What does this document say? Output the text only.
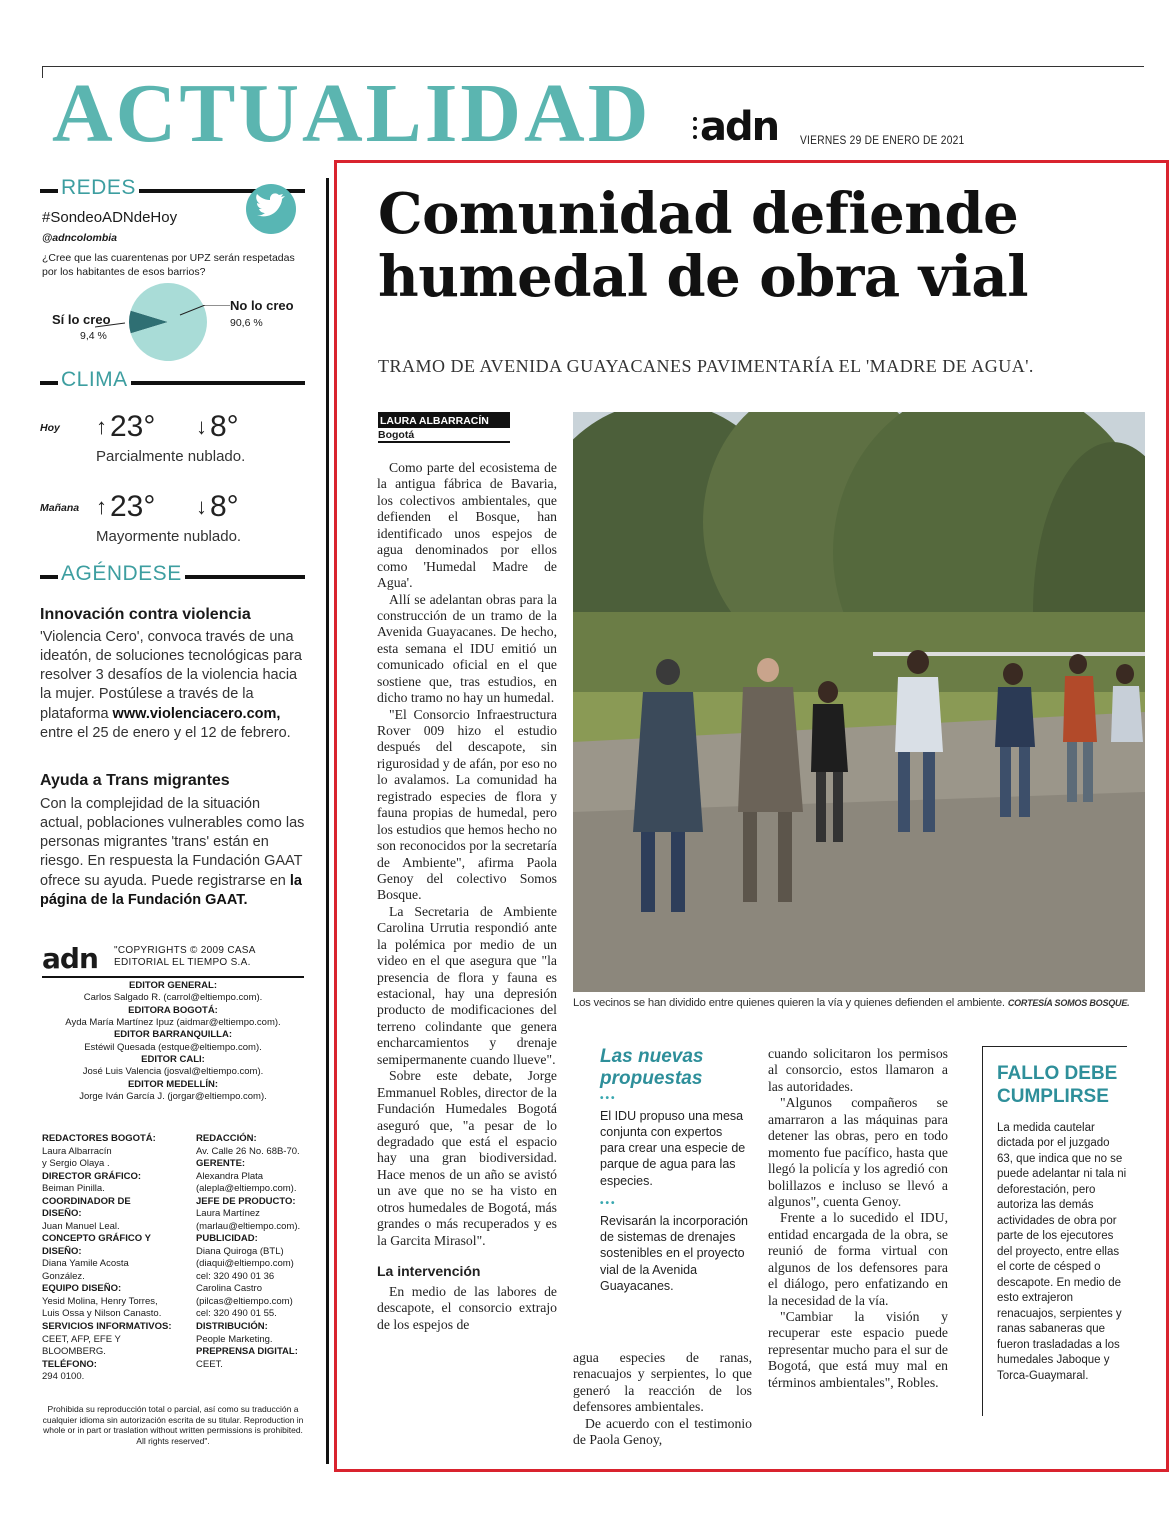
ACTUALIDAD adn VIERNES 29 DE ENERO DE 2021
REDES
#SondeoADNdeHoy
@adncolombia
¿Cree que las cuarentenas por UPZ serán respetadas por los habitantes de esos barrios?
No lo creo
90,6 %
Sí lo creo
9,4 %
CLIMA
Hoy ↑ 23° ↓ 8°
Parcialmente nublado.
Mañana ↑ 23° ↓ 8°
Mayormente nublado.
AGÉNDESE
Innovación contra violencia
'Violencia Cero', convoca través de una ideatón, de soluciones tecnológicas para resolver 3 desafíos de la violencia hacia la mujer. Postúlese a través de la plataforma www.violenciacero.com, entre el 25 de enero y el 12 de febrero.
Ayuda a Trans migrantes
Con la complejidad de la situación actual, poblaciones vulnerables como las personas migrantes 'trans' están en riesgo. En respuesta la Fundación GAAT ofrece su ayuda. Puede registrarse en la página de la Fundación GAAT.
adn "COPYRIGHTS © 2009 CASA
EDITORIAL EL TIEMPO S.A.
EDITOR GENERAL:
Carlos Salgado R. (carrol@eltiempo.com).
EDITORA BOGOTÁ:
Ayda María Martínez Ipuz (aidmar@eltiempo.com).
EDITOR BARRANQUILLA:
Estéwil Quesada (estque@eltiempo.com).
EDITOR CALI:
José Luis Valencia (josval@eltiempo.com).
EDITOR MEDELLÍN:
Jorge Iván García J. (jorgar@eltiempo.com).
REDACTORES BOGOTÁ:
Laura Albarracín
y Sergio Olaya .
DIRECTOR GRÁFICO:
Beiman Pinilla.
COORDINADOR DE DISEÑO:
Juan Manuel Leal.
CONCEPTO GRÁFICO Y DISEÑO:
Diana Yamile Acosta González.
EQUIPO DISEÑO:
Yesid Molina, Henry Torres,
Luis Ossa y Nilson Canasto.
SERVICIOS INFORMATIVOS:
CEET, AFP, EFE Y BLOOMBERG.
TELÉFONO:
294 0100.
REDACCIÓN:
Av. Calle 26 No. 68B-70.
GERENTE:
Alexandra Plata
(alepla@eltiempo.com).
JEFE DE PRODUCTO:
Laura Martínez
(marlau@eltiempo.com).
PUBLICIDAD:
Diana Quiroga (BTL)
(diaqui@eltiempo.com)
cel: 320 490 01 36
Carolina Castro
(pilcas@eltiempo.com)
cel: 320 490 01 55.
DISTRIBUCIÓN:
People Marketing.
PREPRENSA DIGITAL:
CEET.
Prohibida su reproducción total o parcial, así como su traducción a cualquier idioma sin autorización escrita de su titular. Reproduction in whole or in part or traslation without written permissions is prohibited. All rights reserved".
Comunidad defiende humedal de obra vial
TRAMO DE AVENIDA GUAYACANES PAVIMENTARÍA EL 'MADRE DE AGUA'.
LAURA ALBARRACÍN
Bogotá

Como parte del ecosistema de la antigua fábrica de Bavaria, los colectivos ambientales, que defienden el Bosque, han identificado unos espejos de agua denominados por ellos como 'Humedal Madre de Agua'.

Allí se adelantan obras para la construcción de un tramo de la Avenida Guayacanes. De hecho, esta semana el IDU emitió un comunicado oficial en el que sostiene que, tras estudios, en dicho tramo no hay un humedal.

"El Consorcio Infraestructura Rover 009 hizo el estudio después del descapote, sin rigurosidad y de afán, por eso no lo avalamos. La comunidad ha registrado especies de flora y fauna propias de humedal, pero los estudios que hemos hecho no son reconocidos por la secretaría de Ambiente", afirma Paola Genoy del colectivo Somos Bosque.

La Secretaria de Ambiente Carolina Urrutia respondió ante la polémica por medio de un video en el que asegura que "la presencia de flora y fauna es estacional, hay una depresión producto de modificaciones del terreno colindante que genera encharcamientos y drenaje semipermanente cuando llueve".

Sobre este debate, Jorge Emmanuel Robles, director de la Fundación Humedales Bogotá aseguró que, "a pesar de lo degradado que está el espacio hay una gran biodiversidad. Hace menos de un año se avistó un ave que no se ha visto en otros humedales de Bogotá, más grandes o más recuperados y es la Garcita Mirasol".

La intervención

En medio de las labores de descapote, el consorcio extrajo de los espejos de

Los vecinos se han dividido entre quienes quieren la vía y quienes defienden el ambiente. CORTESÍA SOMOS BOSQUE.
Las nuevas propuestas
•••
El IDU propuso una mesa conjunta con expertos para crear una especie de parque de agua para las especies.
•••
Revisarán la incorporación de sistemas de drenajes sostenibles en el proyecto vial de la Avenida Guayacanes.

agua especies de ranas, renacuajos y serpientes, lo que generó la reacción de los defensores ambientales.

De acuerdo con el testimonio de Paola Genoy,

cuando solicitaron los permisos al consorcio, estos llamaron a las autoridades.

"Algunos compañeros se amarraron a las máquinas para detener las obras, pero en todo momento fue pacífico, hasta que llegó la policía y los agredió con bolillazos e incluso se llevó a algunos", cuenta Genoy.

Frente a lo sucedido el IDU, entidad encargada de la obra, se reunió de forma virtual con algunos de los defensores para el diálogo, pero enfatizando en la necesidad de la vía.

"Cambiar la visión y recuperar este espacio puede representar mucho para el sur de Bogotá, que está muy mal en términos ambientales", Robles.

FALLO DEBE CUMPLIRSE

La medida cautelar dictada por el juzgado 63, que indica que no se puede adelantar ni tala ni deforestación, pero autoriza las demás actividades de obra por parte de los ejecutores del proyecto, entre ellas el corte de césped o descapote. En medio de esto extrajeron renacuajos, serpientes y ranas sabaneras que fueron trasladadas a los humedales Jaboque y Torca-Guaymaral.
